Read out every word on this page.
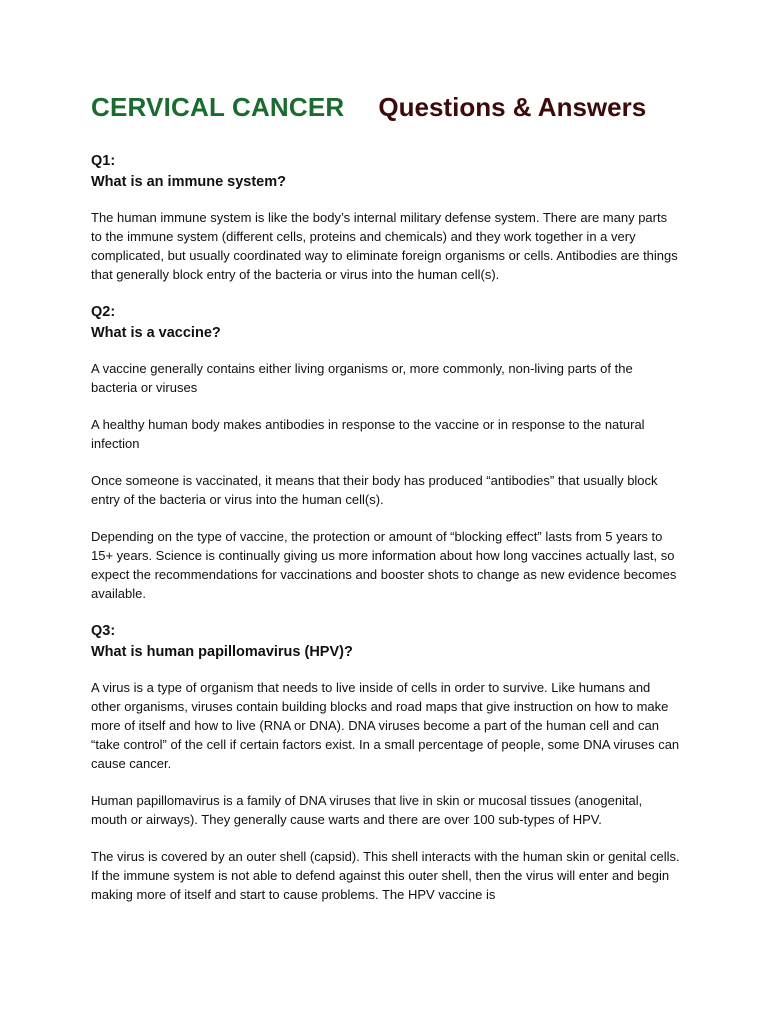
CERVICAL CANCER Questions & Answers

Q1:

What is an immune system?

The human immune system is like the body’s internal military defense system. There are many parts to the immune system (different cells, proteins and chemicals) and they work together in a very complicated, but usually coordinated way to eliminate foreign organisms or cells. Antibodies are things that generally block entry of the bacteria or virus into the human cell(s).

Q2:

What is a vaccine?

A vaccine generally contains either living organisms or, more commonly, non-living parts of the bacteria or viruses

A healthy human body makes antibodies in response to the vaccine or in response to the natural infection

Once someone is vaccinated, it means that their body has produced “antibodies” that usually block entry of the bacteria or virus into the human cell(s).

Depending on the type of vaccine, the protection or amount of “blocking effect” lasts from 5 years to 15+ years. Science is continually giving us more information about how long vaccines actually last, so expect the recommendations for vaccinations and booster shots to change as new evidence becomes available.

Q3:

What is human papillomavirus (HPV)?

A virus is a type of organism that needs to live inside of cells in order to survive. Like humans and other organisms, viruses contain building blocks and road maps that give instruction on how to make more of itself and how to live (RNA or DNA). DNA viruses become a part of the human cell and can “take control” of the cell if certain factors exist. In a small percentage of people, some DNA viruses can cause cancer.

Human papillomavirus is a family of DNA viruses that live in skin or mucosal tissues (anogenital, mouth or airways). They generally cause warts and there are over 100 sub-types of HPV.

The virus is covered by an outer shell (capsid). This shell interacts with the human skin or genital cells. If the immune system is not able to defend against this outer shell, then the virus will enter and begin making more of itself and start to cause problems. The HPV vaccine is
